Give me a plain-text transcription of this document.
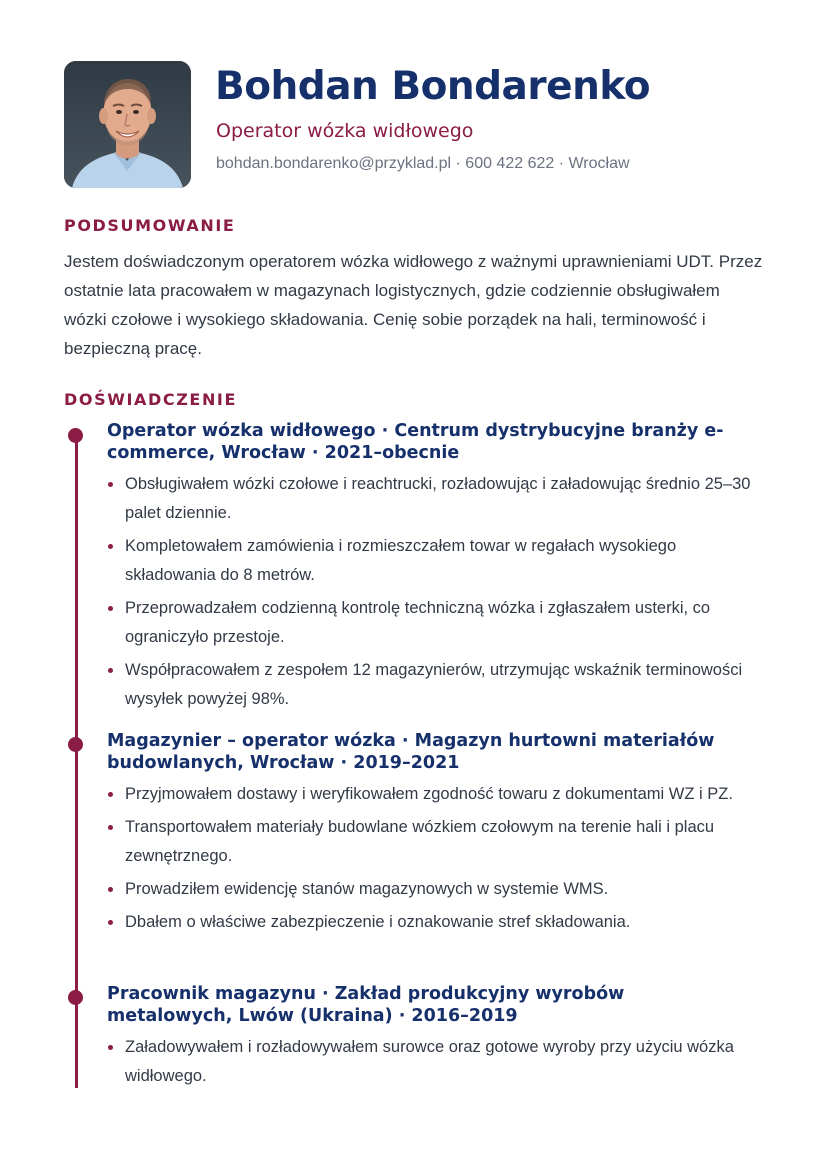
Bohdan Bondarenko
Operator wózka widłowego
bohdan.bondarenko@przyklad.pl · 600 422 622 · Wrocław
PODSUMOWANIE
Jestem doświadczonym operatorem wózka widłowego z ważnymi uprawnieniami UDT. Przez ostatnie lata pracowałem w magazynach logistycznych, gdzie codziennie obsługiwałem wózki czołowe i wysokiego składowania. Cenię sobie porządek na hali, terminowość i bezpieczną pracę.
DOŚWIADCZENIE
Operator wózka widłowego · Centrum dystrybucyjne branży e-commerce, Wrocław · 2021–obecnie
Obsługiwałem wózki czołowe i reachtrucki, rozładowując i załadowując średnio 25–30 palet dziennie.
Kompletowałem zamówienia i rozmieszczałem towar w regałach wysokiego składowania do 8 metrów.
Przeprowadzałem codzienną kontrolę techniczną wózka i zgłaszałem usterki, co ograniczyło przestoje.
Współpracowałem z zespołem 12 magazynierów, utrzymując wskaźnik terminowości wysyłek powyżej 98%.
Magazynier – operator wózka · Magazyn hurtowni materiałów budowlanych, Wrocław · 2019–2021
Przyjmowałem dostawy i weryfikowałem zgodność towaru z dokumentami WZ i PZ.
Transportowałem materiały budowlane wózkiem czołowym na terenie hali i placu zewnętrznego.
Prowadziłem ewidencję stanów magazynowych w systemie WMS.
Dbałem o właściwe zabezpieczenie i oznakowanie stref składowania.
Pracownik magazynu · Zakład produkcyjny wyrobów metalowych, Lwów (Ukraina) · 2016–2019
Załadowywałem i rozładowywałem surowce oraz gotowe wyroby przy użyciu wózka widłowego.
